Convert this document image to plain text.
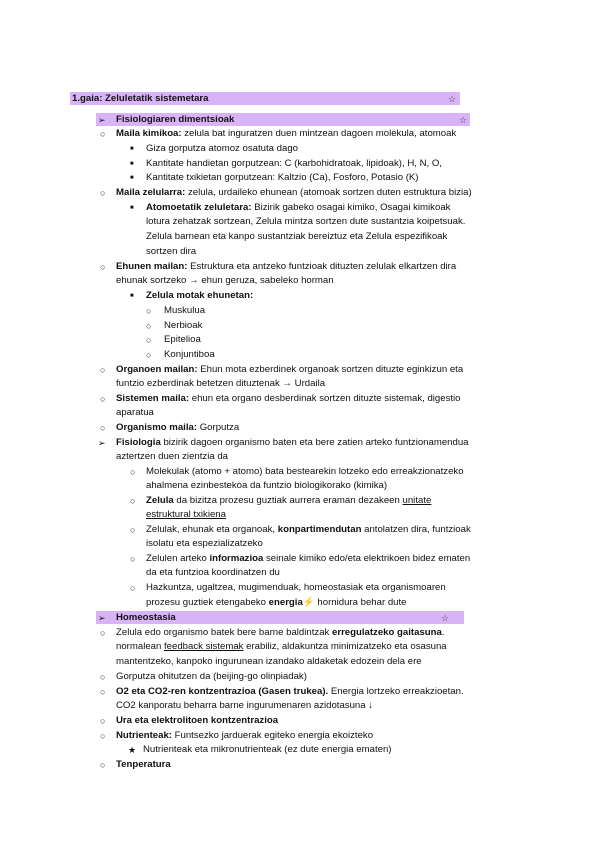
1.gaia: Zeluletatik sistemetara	☆
➢ Fisiologiaren dimentsioak	☆
○ Maila kimikoa: zelula bat inguratzen duen mintzean dagoen molekula, atomoak
■ Giza gorputza atomoz osatuta dago
■ Kantitate handietan gorputzean: C (karbohidratoak, lipidoak), H, N, O,
■ Kantitate txikietan gorputzean: Kaltzio (Ca), Fosforo, Potasio (K)
○ Maila zelularra: zelula, urdaileko ehunean (atomoak sortzen duten estruktura bizia)
■ Atomoetatik zeluletara: Bizirik gabeko osagai kimiko, Osagai kimikoak
lotura zehatzak sortzean, Zelula mintza sortzen dute sustantzia koipetsuak.
Zelula barnean eta kanpo sustantziak bereiztuz eta Zelula espezifikoak
sortzen dira
○ Ehunen mailan: Estruktura eta antzeko funtzioak dituzten zelulak elkartzen dira
ehunak sortzeko → ehun geruza, sabeleko horman
■ Zelula motak ehunetan:
○ Muskulua
○ Nerbioak
○ Epitelioa
○ Konjuntiboa
○ Organoen mailan: Ehun mota ezberdinek organoak sortzen dituzte eginkizun eta
funtzio ezberdinak betetzen dituztenak → Urdaila
○ Sistemen maila: ehun eta organo desberdinak sortzen dituzte sistemak, digestio
aparatua
○ Organismo maila: Gorputza
➢ Fisiologia bizirik dagoen organismo baten eta bere zatien arteko funtzionamendua
aztertzen duen zientzia da
○ Molekulak (atomo + atomo) bata bestearekin lotzeko edo erreakzionatzeko
ahalmena ezinbestekoa da funtzio biologikorako (kimika)
○ Zelula da bizitza prozesu guztiak aurrera eraman dezakeen unitate
estruktural txikiena
○ Zelulak, ehunak eta organoak, konpartimendutan antolatzen dira, funtzioak
isolatu eta espezializatzeko
○ Zelulen arteko informazioa seinale kimiko edo/eta elektrikoen bidez ematen
da eta funtzioa koordinatzen du
○ Hazkuntza, ugaltzea, mugimenduak, homeostasiak eta organismoaren
prozesu guztiek etengabeko energia⚡ hornidura behar dute
➢ Homeostasia	☆
○ Zelula edo organismo batek bere barne baldintzak erregulatzeko gaitasuna.
normalean feedback sistemak erabiliz, aldakuntza minimizatzeko eta osasuna
mantentzeko, kanpoko ingurunean izandako aldaketak edozein dela ere
○ Gorputza ohitutzen da (beijing-go olinpiadak)
○ O2 eta CO2-ren kontzentrazioa (Gasen trukea). Energia lortzeko erreakzioetan.
CO2 kanporatu beharra barne ingurumenaren azidotasuna ↓
○ Ura eta elektrolitoen kontzentrazioa
○ Nutrienteak: Funtsezko jarduerak egiteko energia ekoizteko
★ Nutrienteak eta mikronutrienteak (ez dute energia ematen)
○ Tenperatura
